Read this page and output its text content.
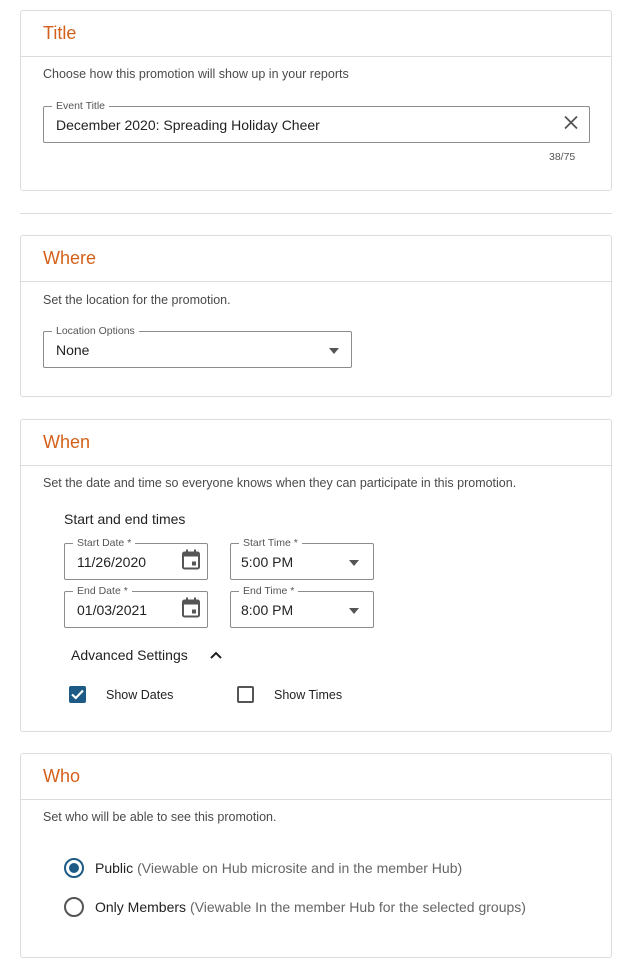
Title
Choose how this promotion will show up in your reports
Event Title
December 2020: Spreading Holiday Cheer
38/75
Where
Set the location for the promotion.
Location Options
None
When
Set the date and time so everyone knows when they can participate in this promotion.
Start and end times
Start Date *
11/26/2020
Start Time *
5:00 PM
End Date *
01/03/2021
End Time *
8:00 PM
Advanced Settings
Show Dates	Show Times
Who
Set who will be able to see this promotion.
Public (Viewable on Hub microsite and in the member Hub)
Only Members (Viewable In the member Hub for the selected groups)
